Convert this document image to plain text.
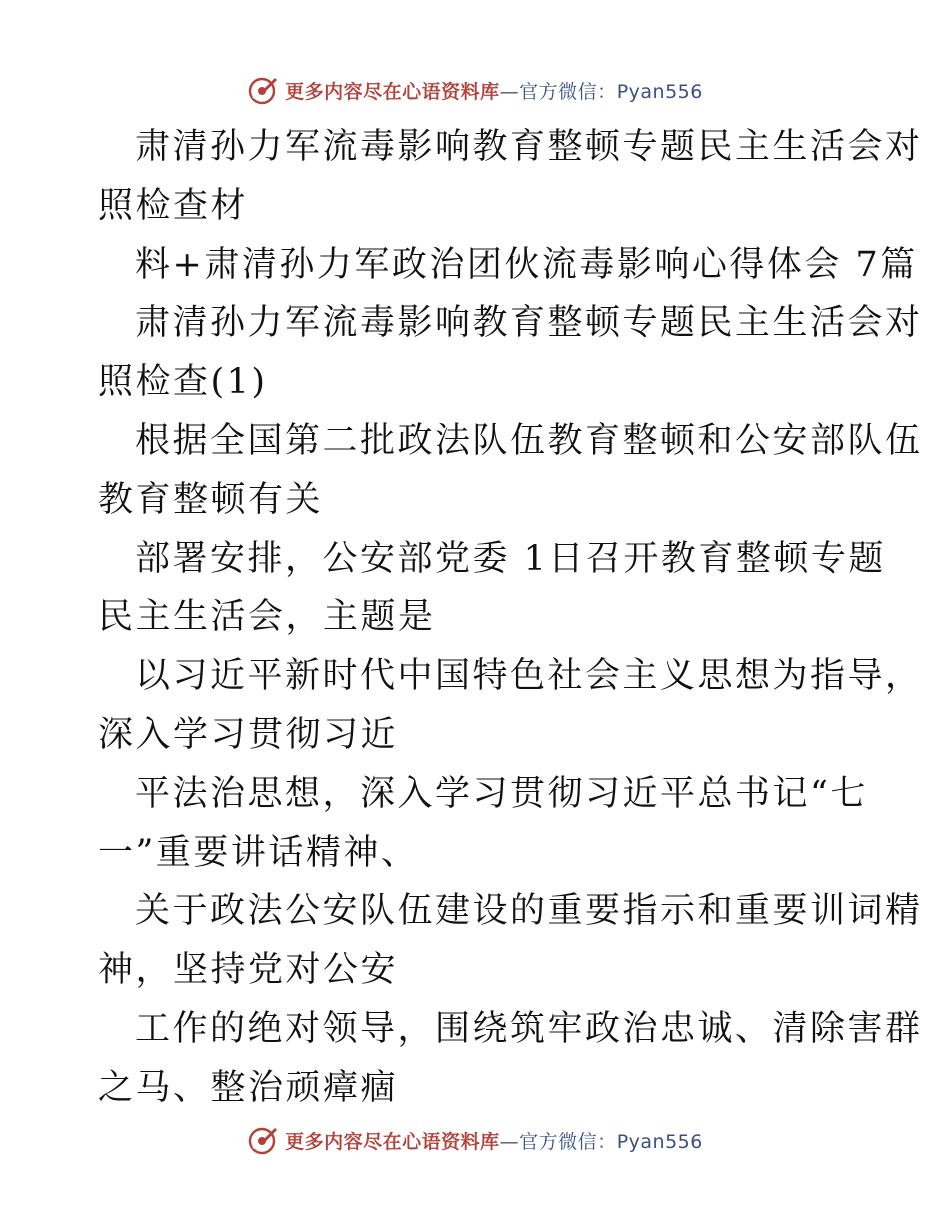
更多内容尽在心语资料库—官方微信：Pyan556
肃清孙力军流毒影响教育整顿专题民主生活会对
照检查材
料+肃清孙力军政治团伙流毒影响心得体会 7篇
肃清孙力军流毒影响教育整顿专题民主生活会对
照检查(1)
根据全国第二批政法队伍教育整顿和公安部队伍
教育整顿有关
部署安排，公安部党委 1日召开教育整顿专题
民主生活会，主题是
以习近平新时代中国特色社会主义思想为指导，
深入学习贯彻习近
平法治思想，深入学习贯彻习近平总书记“七
一”重要讲话精神、
关于政法公安队伍建设的重要指示和重要训词精
神，坚持党对公安
工作的绝对领导，围绕筑牢政治忠诚、清除害群
之马、整治顽瘴痼
更多内容尽在心语资料库—官方微信：Pyan556
